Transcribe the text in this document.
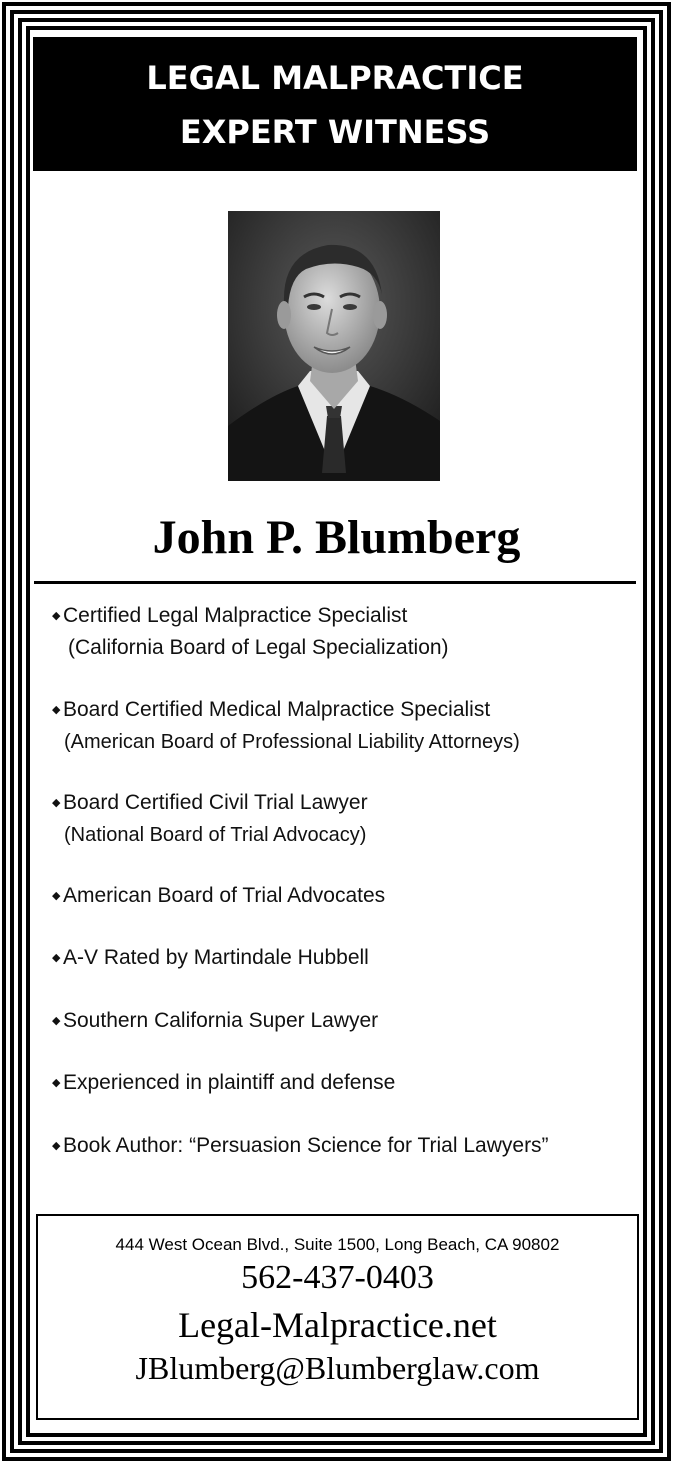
LEGAL MALPRACTICE
EXPERT WITNESS
John P. Blumberg
◆ Certified Legal Malpractice Specialist
(California Board of Legal Specialization)
◆ Board Certified Medical Malpractice Specialist
(American Board of Professional Liability Attorneys)
◆ Board Certified Civil Trial Lawyer
(National Board of Trial Advocacy)
◆ American Board of Trial Advocates
◆ A-V Rated by Martindale Hubbell
◆ Southern California Super Lawyer
◆ Experienced in plaintiff and defense
◆ Book Author: “Persuasion Science for Trial Lawyers”
444 West Ocean Blvd., Suite 1500, Long Beach, CA 90802
562-437-0403
Legal-Malpractice.net
JBlumberg@Blumberglaw.com
